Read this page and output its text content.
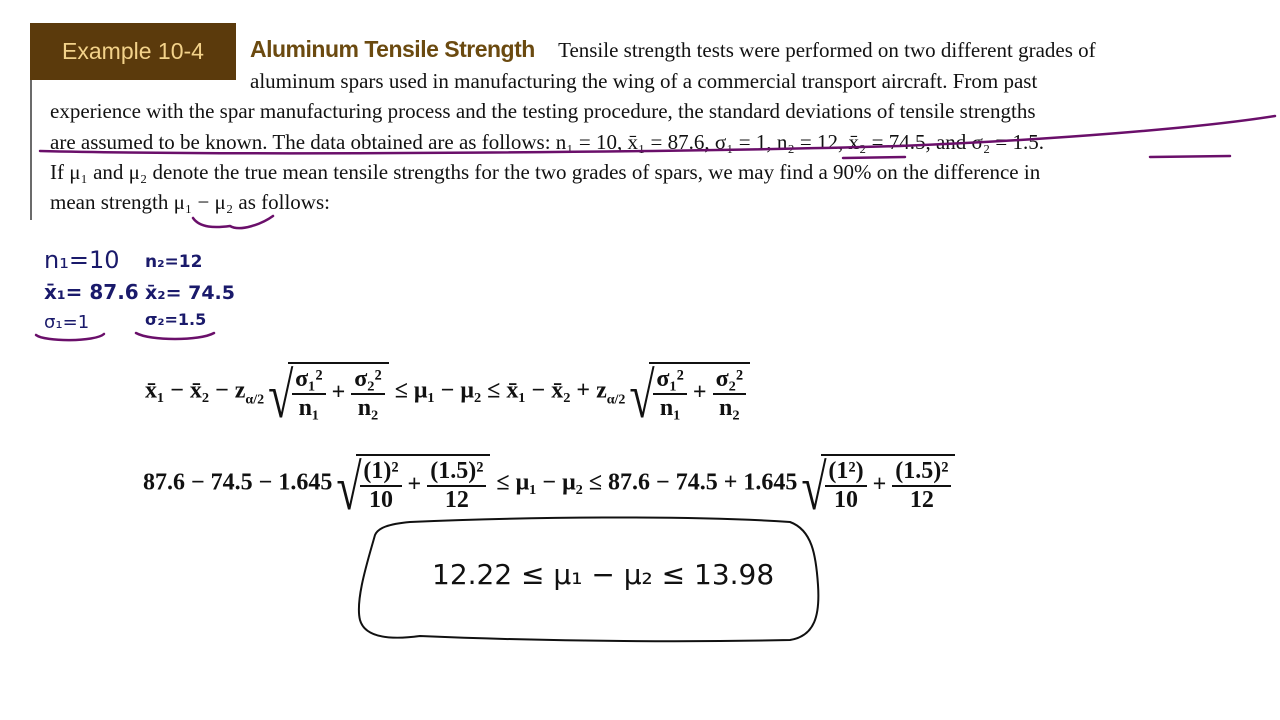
Example 10-4	Aluminum Tensile Strength Tensile strength tests were performed on two different grades of
aluminum spars used in manufacturing the wing of a commercial transport aircraft. From past
experience with the spar manufacturing process and the testing procedure, the standard deviations of tensile strengths
are assumed to be known. The data obtained are as follows: n₁ = 10, x̄₁ = 87.6, σ₁ = 1, n₂ = 12, x̄₂ = 74.5, and σ₂ = 1.5.
If μ₁ and μ₂ denote the true mean tensile strengths for the two grades of spars, we may find a 90% on the difference in
mean strength μ₁ − μ₂ as follows:
n₁=10
x̄₁= 87.6
σ₁=1
n₂=12
x̄₂= 74.5
σ₂=1.5
x̄₁ − x̄₂ − $z_{\alpha/2}$ √ $\frac{\text{σ₁²}}{\text{n₁}} + \frac{\text{σ₂²}}{\text{n₂}} \le \mu_1 - \mu_2$ ≤ x̄₁ − x̄₂ + $z_{\alpha/2}$ √ $\frac{\text{σ₁²}}{\text{n₁}} + \frac{\text{σ₂²}}{\text{n₂}}$
87.6 − 74.5 − 1.645 √ $\frac{\text{(1)²}}{10} + \frac{\text{(1.5)²}}{12} \le \mu_1 - \mu_2 \le 87.6 - 74.5 + 1.645$ √ $\frac{\text{(1²)}}{10} + \frac{\text{(1.5)²}}{12}$
12.22 ≤ μ₁ − μ₂ ≤ 13.98
